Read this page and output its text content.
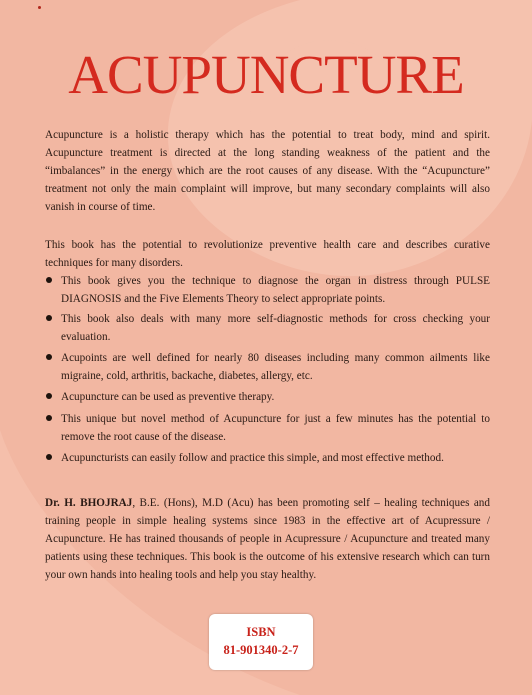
ACUPUNCTURE
Acupuncture is a holistic therapy which has the potential to treat body, mind and spirit. Acupuncture treatment is directed at the long standing weakness of the patient and the “imbalances” in the energy which are the root causes of any disease. With the “Acupuncture” treatment not only the main complaint will improve, but many secondary complaints will also vanish in course of time.
This book has the potential to revolutionize preventive health care and describes curative techniques for many disorders.
This book gives you the technique to diagnose the organ in distress through PULSE DIAGNOSIS and the Five Elements Theory to select appropriate points.
This book also deals with many more self-diagnostic methods for cross checking your evaluation.
Acupoints are well defined for nearly 80 diseases including many common ailments like migraine, cold, arthritis, backache, diabetes, allergy, etc.
Acupuncture can be used as preventive therapy.
This unique but novel method of Acupuncture for just a few minutes has the potential to remove the root cause of the disease.
Acupuncturists can easily follow and practice this simple, and most effective method.
Dr. H. BHOJRAJ, B.E. (Hons), M.D (Acu) has been promoting self – healing techniques and training people in simple healing systems since 1983 in the effective art of Acupressure / Acupuncture. He has trained thousands of people in Acupressure / Acupuncture and treated many patients using these techniques. This book is the outcome of his extensive research which can turn your own hands into healing tools and help you stay healthy.
ISBN
81-901340-2-7
